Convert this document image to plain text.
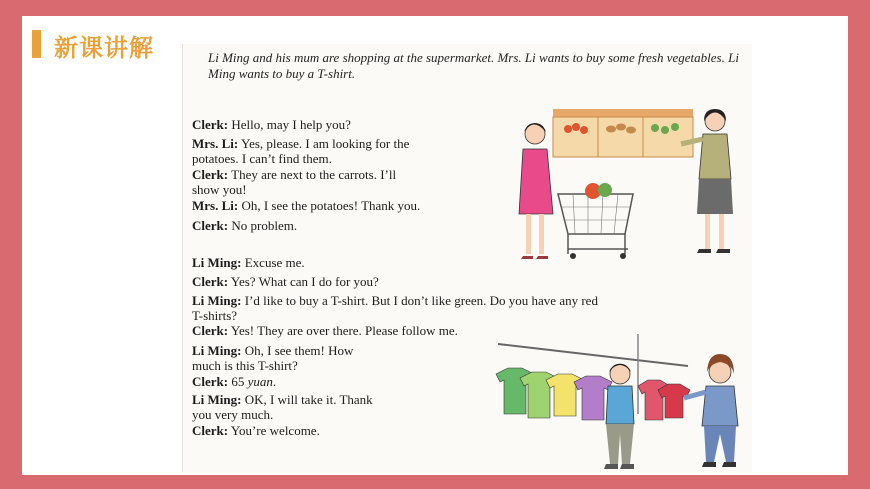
新课讲解	Li Ming and his mum are shopping at the supermarket. Mrs. Li wants to buy some fresh vegetables. Li Ming wants to buy a T-shirt.
Clerk: Hello, may I help you?
Mrs. Li: Yes, please. I am looking for the
potatoes. I can’t find them.
Clerk: They are next to the carrots. I’ll
show you!
Mrs. Li: Oh, I see the potatoes! Thank you.
Clerk: No problem.
Li Ming: Excuse me.
Clerk: Yes? What can I do for you?
Li Ming: I’d like to buy a T-shirt. But I don’t like green. Do you have any red
T-shirts?
Clerk: Yes! They are over there. Please follow me.
Li Ming: Oh, I see them! How
much is this T-shirt?
Clerk: 65 yuan.
Li Ming: OK, I will take it. Thank
you very much.
Clerk: You’re welcome.
